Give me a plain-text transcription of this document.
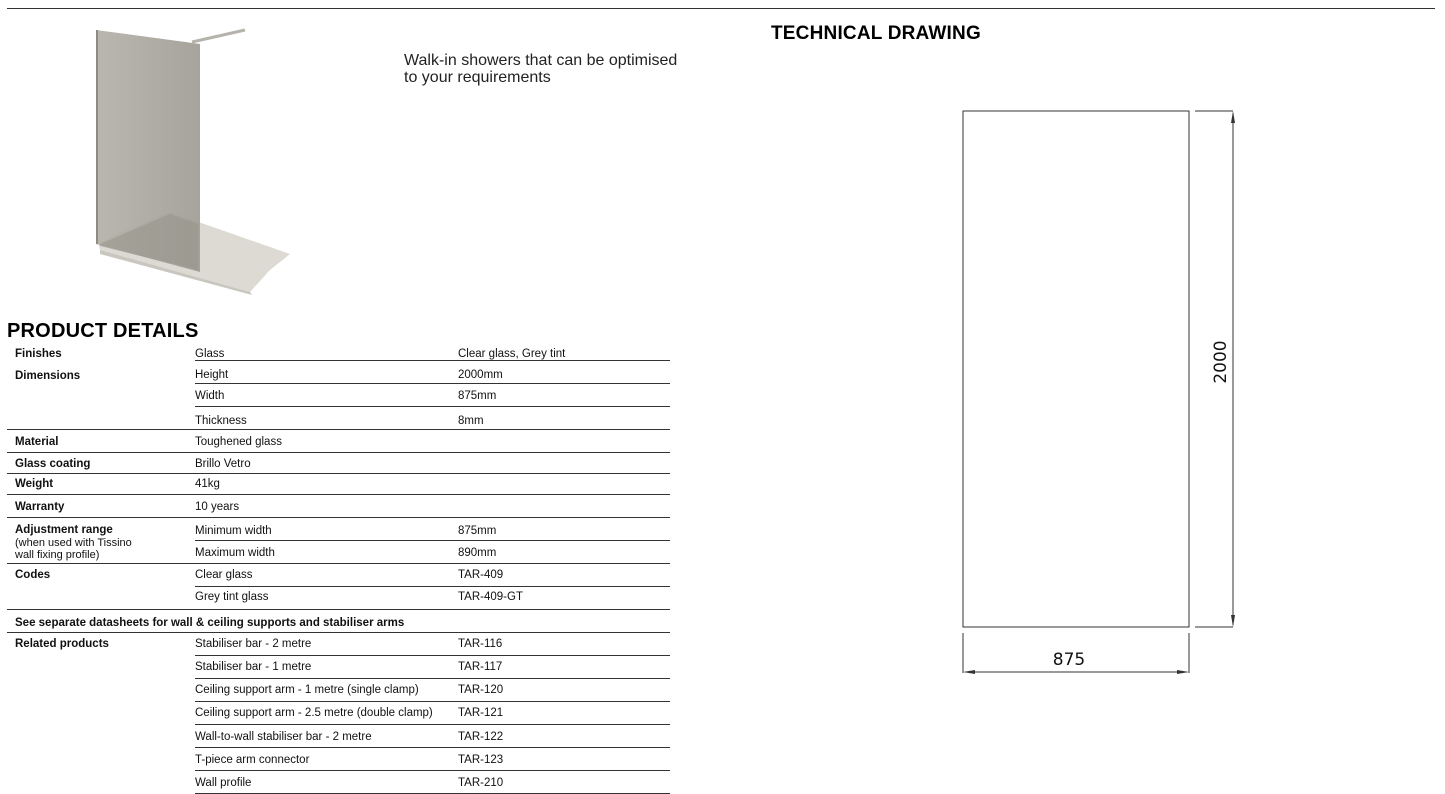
Walk-in showers that can be optimised to your requirements
PRODUCT DETAILS
TECHNICAL DRAWING
Finishes	Glass	Clear glass, Grey tint
Dimensions	Height	2000mm
Width	875mm
Thickness	8mm
Material	Toughened glass
Glass coating	Brillo Vetro
Weight	41kg
Warranty	10 years
Adjustment range
(when used with Tissino
wall fixing profile)
Minimum width	875mm
Maximum width	890mm
Codes	Clear glass	TAR-409
Grey tint glass	TAR-409-GT
See separate datasheets for wall & ceiling supports and stabiliser arms
Related products	Stabiliser bar - 2 metre	TAR-116
Stabiliser bar - 1 metre	TAR-117
Ceiling support arm - 1 metre (single clamp)	TAR-120
Ceiling support arm - 2.5 metre (double clamp) TAR-121
Wall-to-wall stabiliser bar - 2 metre	TAR-122
T-piece arm connector	TAR-123
Wall profile	TAR-210
2000
875
